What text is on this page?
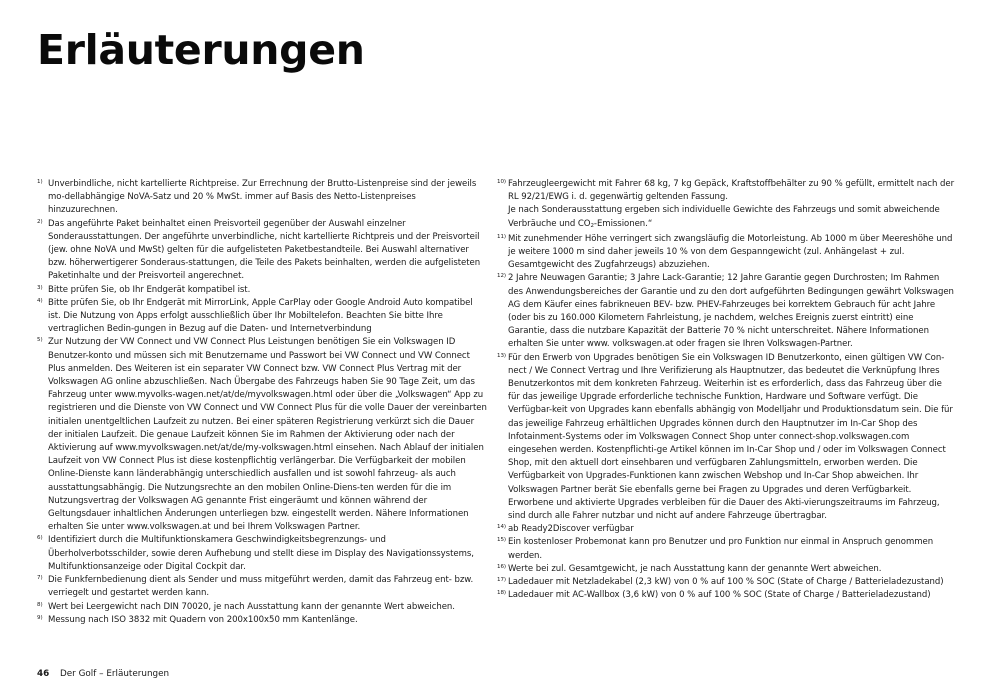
Erläuterungen

1) Unverbindliche, nicht kartellierte Richtpreise. Zur Errechnung der Brutto-Listenpreise sind der jeweils mo-dellabhängige NoVA-Satz und 20 % MwSt. immer auf Basis des Netto-Listenpreises hinzuzurechnen.

2) Das angeführte Paket beinhaltet einen Preisvorteil gegenüber der Auswahl einzelner Sonderausstattungen. Der angeführte unverbindliche, nicht kartellierte Richtpreis und der Preisvorteil (jew. ohne NoVA und MwSt) gelten für die aufgelisteten Paketbestandteile. Bei Auswahl alternativer bzw. höherwertigerer Sonderaus-stattungen, die Teile des Pakets beinhalten, werden die aufgelisteten Paketinhalte und der Preisvorteil angerechnet.

3) Bitte prüfen Sie, ob Ihr Endgerät kompatibel ist.

4) Bitte prüfen Sie, ob Ihr Endgerät mit MirrorLink, Apple CarPlay oder Google Android Auto kompatibel ist. Die Nutzung von Apps erfolgt ausschließlich über Ihr Mobiltelefon. Beachten Sie bitte Ihre vertraglichen Bedin-gungen in Bezug auf die Daten- und Internetverbindung

5) Zur Nutzung der VW Connect und VW Connect Plus Leistungen benötigen Sie ein Volkswagen ID Benutzer-konto und müssen sich mit Benutzername und Passwort bei VW Connect und VW Connect Plus anmelden. Des Weiteren ist ein separater VW Connect bzw. VW Connect Plus Vertrag mit der Volkswagen AG online abzuschließen. Nach Übergabe des Fahrzeugs haben Sie 90 Tage Zeit, um das Fahrzeug unter www.myvolks-wagen.net/at/de/myvolkswagen.html oder über die „Volkswagen“ App zu registrieren und die Dienste von VW Connect und VW Connect Plus für die volle Dauer der vereinbarten initialen unentgeltlichen Laufzeit zu nutzen. Bei einer späteren Registrierung verkürzt sich die Dauer der initialen Laufzeit. Die genaue Laufzeit können Sie im Rahmen der Aktivierung oder nach der Aktivierung auf www.myvolkswagen.net/at/de/my-volkswagen.html einsehen. Nach Ablauf der initialen Laufzeit von VW Connect Plus ist diese kostenpflichtig verlängerbar. Die Verfügbarkeit der mobilen Online-Dienste kann länderabhängig unterschiedlich ausfallen und ist sowohl fahrzeug- als auch ausstattungsabhängig. Die Nutzungsrechte an den mobilen Online-Diens-ten werden für die im Nutzungsvertrag der Volkswagen AG genannte Frist eingeräumt und können während der Geltungsdauer inhaltlichen Änderungen unterliegen bzw. eingestellt werden. Nähere Informationen erhalten Sie unter www.volkswagen.at und bei Ihrem Volkswagen Partner.

6) Identifiziert durch die Multifunktionskamera Geschwindigkeitsbegrenzungs- und Überholverbotsschilder, sowie deren Aufhebung und stellt diese im Display des Navigationssystems, Multifunktionsanzeige oder Digital Cockpit dar.

7) Die Funkfernbedienung dient als Sender und muss mitgeführt werden, damit das Fahrzeug ent- bzw. verriegelt und gestartet werden kann.

8) Wert bei Leergewicht nach DIN 70020, je nach Ausstattung kann der genannte Wert abweichen.

9) Messung nach ISO 3832 mit Quadern von 200x100x50 mm Kantenlänge.

10) Fahrzeugleergewicht mit Fahrer 68 kg, 7 kg Gepäck, Kraftstoffbehälter zu 90 % gefüllt, ermittelt nach der RL 92/21/EWG i. d. gegenwärtig geltenden Fassung.
Je nach Sonderausstattung ergeben sich individuelle Gewichte des Fahrzeugs und somit abweichende Verbräuche und CO2-Emissionen.“

11) Mit zunehmender Höhe verringert sich zwangsläufig die Motorleistung. Ab 1000 m über Meereshöhe und je weitere 1000 m sind daher jeweils 10 % von dem Gespanngewicht (zul. Anhängelast + zul. Gesamtgewicht des Zugfahrzeugs) abzuziehen.

12) 2 Jahre Neuwagen Garantie; 3 Jahre Lack-Garantie; 12 Jahre Garantie gegen Durchrosten; Im Rahmen des Anwendungsbereiches der Garantie und zu den dort aufgeführten Bedingungen gewährt Volkswagen AG dem Käufer eines fabrikneuen BEV- bzw. PHEV-Fahrzeuges bei korrektem Gebrauch für acht Jahre (oder bis zu 160.000 Kilometern Fahrleistung, je nachdem, welches Ereignis zuerst eintritt) eine Garantie, dass die nutzbare Kapazität der Batterie 70 % nicht unterschreitet. Nähere Informationen erhalten Sie unter www. volkswagen.at oder fragen sie Ihren Volkswagen-Partner.

13) Für den Erwerb von Upgrades benötigen Sie ein Volkswagen ID Benutzerkonto, einen gültigen VW Con-nect / We Connect Vertrag und Ihre Verifizierung als Hauptnutzer, das bedeutet die Verknüpfung Ihres Benutzerkontos mit dem konkreten Fahrzeug. Weiterhin ist es erforderlich, dass das Fahrzeug über die für das jeweilige Upgrade erforderliche technische Funktion, Hardware und Software verfügt. Die Verfügbar-keit von Upgrades kann ebenfalls abhängig von Modelljahr und Produktionsdatum sein. Die für das jeweilige Fahrzeug erhältlichen Upgrades können durch den Hauptnutzer im In-Car Shop des Infotainment-Systems oder im Volkswagen Connect Shop unter connect-shop.volkswagen.com eingesehen werden. Kostenpflichti-ge Artikel können im In-Car Shop und / oder im Volkswagen Connect Shop, mit den aktuell dort einsehbaren und verfügbaren Zahlungsmitteln, erworben werden. Die Verfügbarkeit von Upgrades-Funktionen kann zwischen Webshop und In-Car Shop abweichen. Ihr Volkswagen Partner berät Sie ebenfalls gerne bei Fragen zu Upgrades und deren Verfügbarkeit. Erworbene und aktivierte Upgrades verbleiben für die Dauer des Akti-vierungszeitraums im Fahrzeug, sind durch alle Fahrer nutzbar und nicht auf andere Fahrzeuge übertragbar.

14) ab Ready2Discover verfügbar

15) Ein kostenloser Probemonat kann pro Benutzer und pro Funktion nur einmal in Anspruch genommen werden.

16) Werte bei zul. Gesamtgewicht, je nach Ausstattung kann der genannte Wert abweichen.

17) Ladedauer mit Netzladekabel (2,3 kW) von 0 % auf 100 % SOC (State of Charge / Batterieladezustand)

18) Ladedauer mit AC-Wallbox (3,6 kW) von 0 % auf 100 % SOC (State of Charge / Batterieladezustand)

46 Der Golf – Erläuterungen
